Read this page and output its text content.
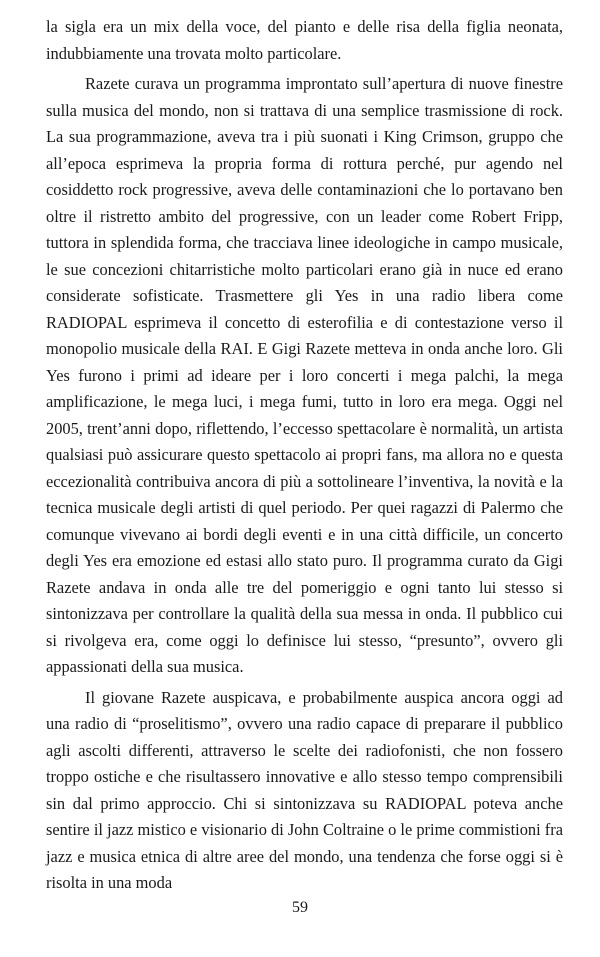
la sigla era un mix della voce, del pianto e delle risa della figlia neonata, indubbiamente una trovata molto particolare.

Razete curava un programma improntato sull’apertura di nuove finestre sulla musica del mondo, non si trattava di una semplice trasmissione di rock. La sua programmazione, aveva tra i più suonati i King Crimson, gruppo che all’epoca esprimeva la propria forma di rottura perché, pur agendo nel cosiddetto rock progressive, aveva delle contaminazioni che lo portavano ben oltre il ristretto ambito del progressive, con un leader come Robert Fripp, tuttora in splendida forma, che tracciava linee ideologiche in campo musicale, le sue concezioni chitarristiche molto particolari erano già in nuce ed erano considerate sofisticate. Trasmettere gli Yes in una radio libera come RADIOPAL esprimeva il concetto di esterofilia e di contestazione verso il monopolio musicale della RAI. E Gigi Razete metteva in onda anche loro. Gli Yes furono i primi ad ideare per i loro concerti i mega palchi, la mega amplificazione, le mega luci, i mega fumi, tutto in loro era mega. Oggi nel 2005, trent’anni dopo, riflettendo, l’eccesso spettacolare è normalità, un artista qualsiasi può assicurare questo spettacolo ai propri fans, ma allora no e questa eccezionalità contribuiva ancora di più a sottolineare l’inventiva, la novità e la tecnica musicale degli artisti di quel periodo. Per quei ragazzi di Palermo che comunque vivevano ai bordi degli eventi e in una città difficile, un concerto degli Yes era emozione ed estasi allo stato puro. Il programma curato da Gigi Razete andava in onda alle tre del pomeriggio e ogni tanto lui stesso si sintonizzava per controllare la qualità della sua messa in onda. Il pubblico cui si rivolgeva era, come oggi lo definisce lui stesso, “presunto”, ovvero gli appassionati della sua musica.

Il giovane Razete auspicava, e probabilmente auspica ancora oggi ad una radio di “proselitismo”, ovvero una radio capace di preparare il pubblico agli ascolti differenti, attraverso le scelte dei radiofonisti, che non fossero troppo ostiche e che risultassero innovative e allo stesso tempo comprensibili sin dal primo approccio. Chi si sintonizzava su RADIOPAL poteva anche sentire il jazz mistico e visionario di John Coltraine o le prime commistioni fra jazz e musica etnica di altre aree del mondo, una tendenza che forse oggi si è risolta in una moda

59
